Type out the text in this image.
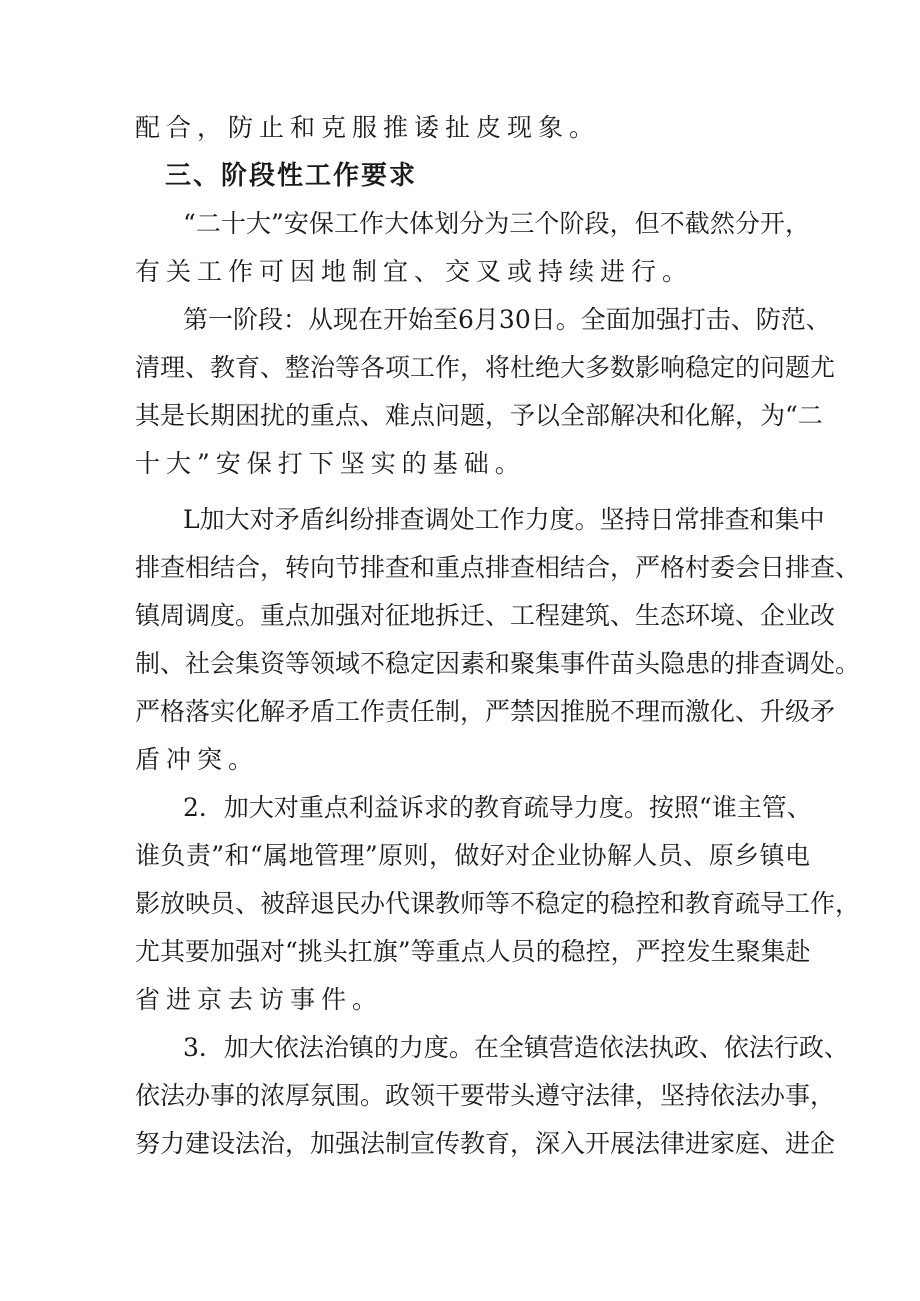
配合，防止和克服推诿扯皮现象。
三、阶段性工作要求
“二十大”安保工作大体划分为三个阶段，但不截然分开，
有关工作可因地制宜、交叉或持续进行。
第一阶段：从现在开始至6月30日。全面加强打击、防范、
清理、教育、整治等各项工作，将杜绝大多数影响稳定的问题尤
其是长期困扰的重点、难点问题，予以全部解决和化解，为“二
十大”安保打下坚实的基础。
L加大对矛盾纠纷排查调处工作力度。坚持日常排查和集中
排查相结合，转向节排查和重点排查相结合，严格村委会日排查、
镇周调度。重点加强对征地拆迁、工程建筑、生态环境、企业改
制、社会集资等领域不稳定因素和聚集事件苗头隐患的排查调处。
严格落实化解矛盾工作责任制，严禁因推脱不理而激化、升级矛
盾冲突。
2．加大对重点利益诉求的教育疏导力度。按照“谁主管、
谁负责”和“属地管理”原则，做好对企业协解人员、原乡镇电
影放映员、被辞退民办代课教师等不稳定的稳控和教育疏导工作，
尤其要加强对“挑头扛旗”等重点人员的稳控，严控发生聚集赴
省进京去访事件。
3．加大依法治镇的力度。在全镇营造依法执政、依法行政、
依法办事的浓厚氛围。政领干要带头遵守法律，坚持依法办事，
努力建设法治，加强法制宣传教育，深入开展法律进家庭、进企
